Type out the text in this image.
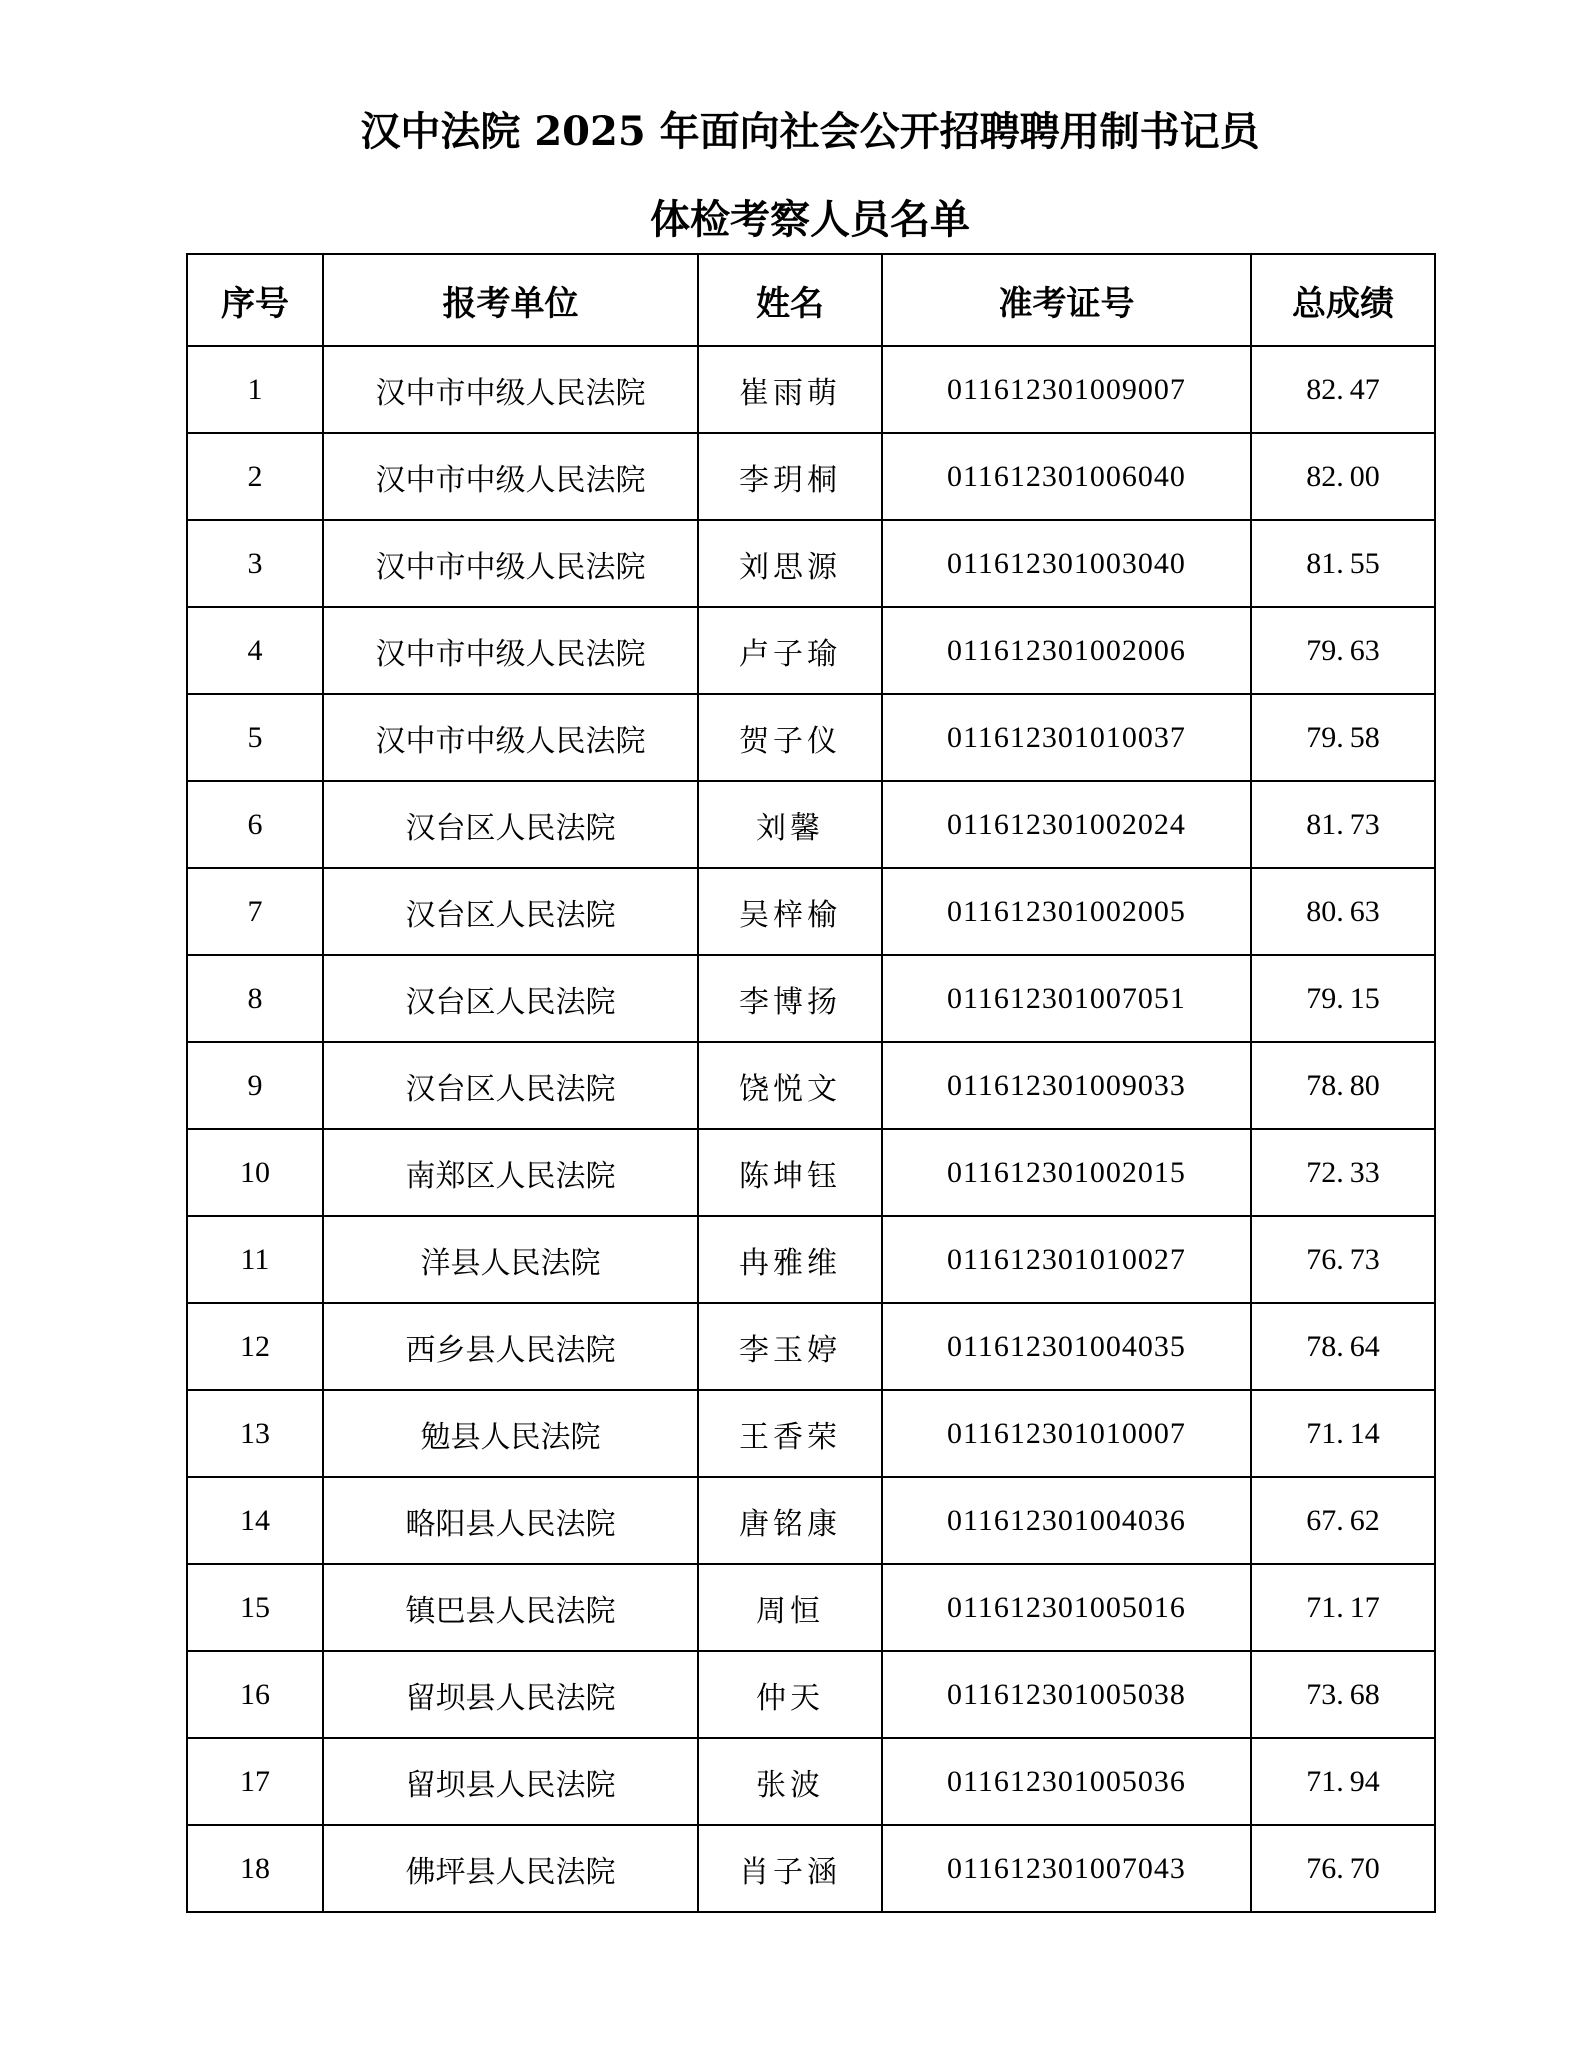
汉中法院 2025 年面向社会公开招聘聘用制书记员
体检考察人员名单
序号	报考单位	姓名	准考证号	总成绩
1	汉中市中级人民法院	崔雨萌	011612301009007	82. 47
2	汉中市中级人民法院	李玥桐	011612301006040	82. 00
3	汉中市中级人民法院	刘思源	011612301003040	81. 55
4	汉中市中级人民法院	卢子瑜	011612301002006	79. 63
5	汉中市中级人民法院	贺子仪	011612301010037	79. 58
6	汉台区人民法院	刘馨	011612301002024	81. 73
7	汉台区人民法院	吴梓榆	011612301002005	80. 63
8	汉台区人民法院	李博扬	011612301007051	79. 15
9	汉台区人民法院	饶悦文	011612301009033	78. 80
10	南郑区人民法院	陈坤钰	011612301002015	72. 33
11	洋县人民法院	冉雅维	011612301010027	76. 73
12	西乡县人民法院	李玉婷	011612301004035	78. 64
13	勉县人民法院	王香荣	011612301010007	71. 14
14	略阳县人民法院	唐铭康	011612301004036	67. 62
15	镇巴县人民法院	周恒	011612301005016	71. 17
16	留坝县人民法院	仲天	011612301005038	73. 68
17	留坝县人民法院	张波	011612301005036	71. 94
18	佛坪县人民法院	肖子涵	011612301007043	76. 70
